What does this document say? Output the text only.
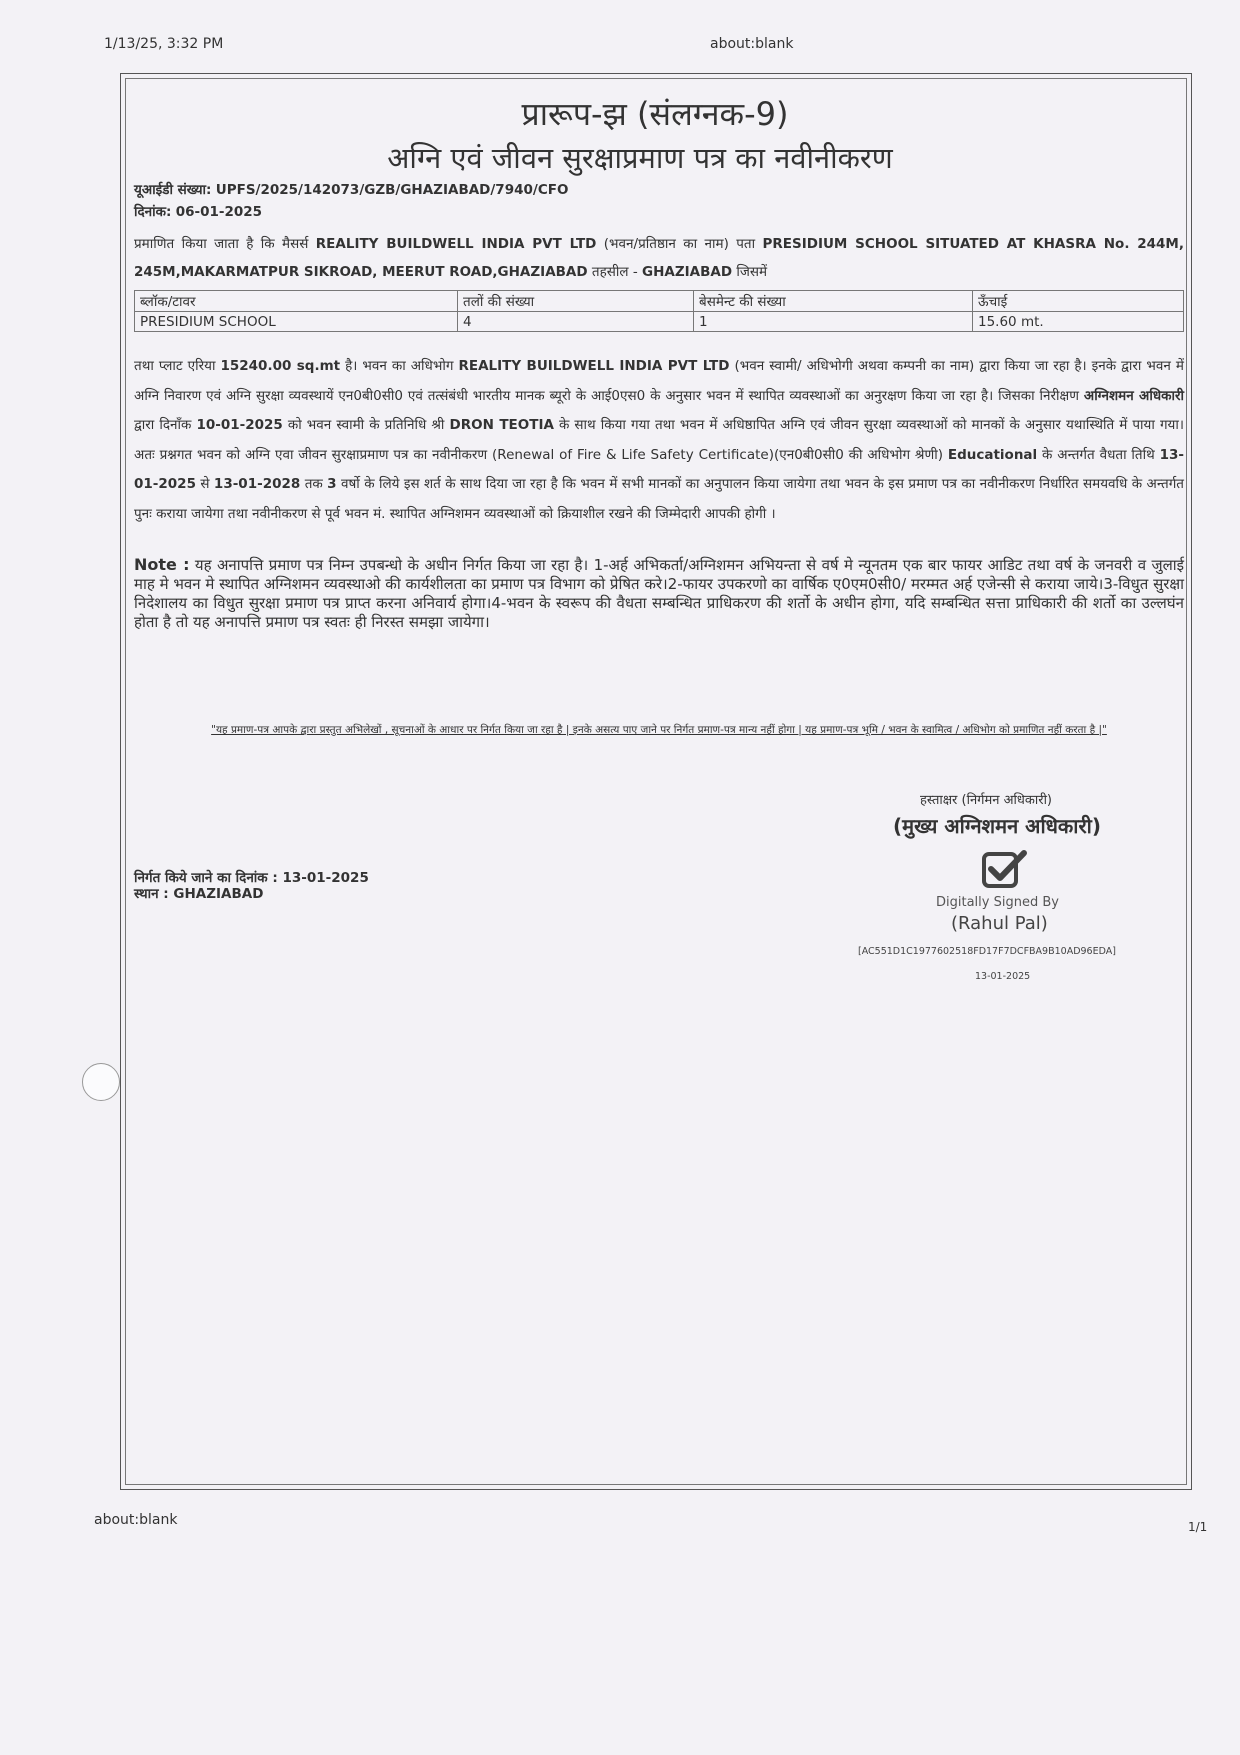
1/13/25, 3:32 PM	about:blank
प्रारूप-झ (संलग्नक-9)
अग्नि एवं जीवन सुरक्षाप्रमाण पत्र का नवीनीकरण
यूआईडी संख्या: UPFS/2025/142073/GZB/GHAZIABAD/7940/CFO
दिनांक: 06-01-2025
प्रमाणित किया जाता है कि मैसर्स REALITY BUILDWELL INDIA PVT LTD (भवन/प्रतिष्ठान का नाम) पता PRESIDIUM SCHOOL SITUATED AT KHASRA No. 244M, 245M,MAKARMATPUR SIKROAD, MEERUT ROAD,GHAZIABAD तहसील - GHAZIABAD जिसमें
ब्लॉक/टावर	तलों की संख्या	बेसमेन्ट की संख्या	ऊँचाई
PRESIDIUM SCHOOL	4	1	15.60 mt.
तथा प्लाट एरिया 15240.00 sq.mt है। भवन का अधिभोग REALITY BUILDWELL INDIA PVT LTD (भवन स्वामी/ अधिभोगी अथवा कम्पनी का नाम) द्वारा किया जा रहा है। इनके द्वारा भवन में अग्नि निवारण एवं अग्नि सुरक्षा व्यवस्थायें एन0बी0सी0 एवं तत्संबंधी भारतीय मानक ब्यूरो के आई0एस0 के अनुसार भवन में स्थापित व्यवस्थाओं का अनुरक्षण किया जा रहा है। जिसका निरीक्षण अग्निशमन अधिकारी द्वारा दिनाँक 10-01-2025 को भवन स्वामी के प्रतिनिधि श्री DRON TEOTIA के साथ किया गया तथा भवन में अधिष्ठापित अग्नि एवं जीवन सुरक्षा व्यवस्थाओं को मानकों के अनुसार यथास्थिति में पाया गया। अतः प्रश्नगत भवन को अग्नि एवा जीवन सुरक्षाप्रमाण पत्र का नवीनीकरण (Renewal of Fire & Life Safety Certificate)(एन0बी0सी0 की अधिभोग श्रेणी) Educational के अन्तर्गत वैधता तिथि 13-01-2025 से 13-01-2028 तक 3 वर्षो के लिये इस शर्त के साथ दिया जा रहा है कि भवन में सभी मानकों का अनुपालन किया जायेगा तथा भवन के इस प्रमाण पत्र का नवीनीकरण निर्धारित समयवधि के अन्तर्गत पुनः कराया जायेगा तथा नवीनीकरण से पूर्व भवन मं. स्थापित अग्निशमन व्यवस्थाओं को क्रियाशील रखने की जिम्मेदारी आपकी होगी ।
Note : यह अनापत्ति प्रमाण पत्र निम्न उपबन्धो के अधीन निर्गत किया जा रहा है। 1-अर्ह अभिकर्ता/अग्निशमन अभियन्ता से वर्ष मे न्यूनतम एक बार फायर आडिट तथा वर्ष के जनवरी व जुलाई माह मे भवन मे स्थापित अग्निशमन व्यवस्थाओ की कार्यशीलता का प्रमाण पत्र विभाग को प्रेषित करे।2-फायर उपकरणो का वार्षिक ए0एम0सी0/ मरम्मत अर्ह एजेन्सी से कराया जाये।3-विधुत सुरक्षा निदेशालय का विधुत सुरक्षा प्रमाण पत्र प्राप्त करना अनिवार्य होगा।4-भवन के स्वरूप की वैधता सम्बन्धित प्राधिकरण की शर्तो के अधीन होगा, यदि सम्बन्धित सत्ता प्राधिकारी की शर्तो का उल्लघंन होता है तो यह अनापत्ति प्रमाण पत्र स्वतः ही निरस्त समझा जायेगा।
"यह प्रमाण-पत्र आपके द्वारा प्रस्तुत अभिलेखों , सूचनाओं के आधार पर निर्गत किया जा रहा है | इनके असत्य पाए जाने पर निर्गत प्रमाण-पत्र मान्य नहीं होगा | यह प्रमाण-पत्र भूमि / भवन के स्वामित्व / अधिभोग को प्रमाणित नहीं करता है |"
हस्ताक्षर (निर्गमन अधिकारी)
(मुख्य अग्निशमन अधिकारी)
निर्गत किये जाने का दिनांक : 13-01-2025
स्थान : GHAZIABAD
Digitally Signed By
(Rahul Pal)
[AC551D1C1977602518FD17F7DCFBA9B10AD96EDA]
13-01-2025
about:blank	1/1
